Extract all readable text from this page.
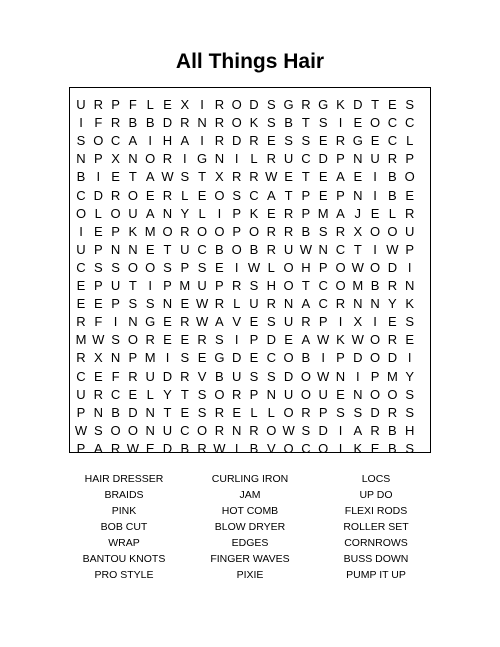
All Things Hair
U R P F L E X I R O D S G R G K D T E S
I F R B B D R N R O K S B T S I E O C C
S O C A I H A I R D R E S S E R G E C L
N P X N O R I G N I L R U C D P N U R P
B I E T A W S T X R R W E T E A E I B O
C D R O E R L E O S C A T P E P N I B E
O L O U A N Y L I P K E R P M A J E L R
I E P K M O R O O P O R R B S R X O O U
U P N N E T U C B O B R U W N C T I W P
C S S O O S P S E I W L O H P O W O D I
E P U T I P M U P R S H O T C O M B R N
E E P S S N E W R L U R N A C R N N Y K
R F I N G E R W A V E S U R P I X I E S
M W S O R E E R S I P D E A W K W O R E
R X N P M I S E G D E C O B I P D O D I
C E F R U D R V B U S S D O W N I P M Y
U R C E L Y T S O R P N U O U E N O O S
P N B D N T E S R E L L O R P S S D R S
W S O O N U C O R N R O W S D I A R B H
P A R W E D B R W I B V O C O I K E B S
HAIR DRESSER
BRAIDS
PINK
BOB CUT
WRAP
BANTOU KNOTS
PRO STYLE
CURLING IRON
JAM
HOT COMB
BLOW DRYER
EDGES
FINGER WAVES
PIXIE
LOCS
UP DO
FLEXI RODS
ROLLER SET
CORNROWS
BUSS DOWN
PUMP IT UP
